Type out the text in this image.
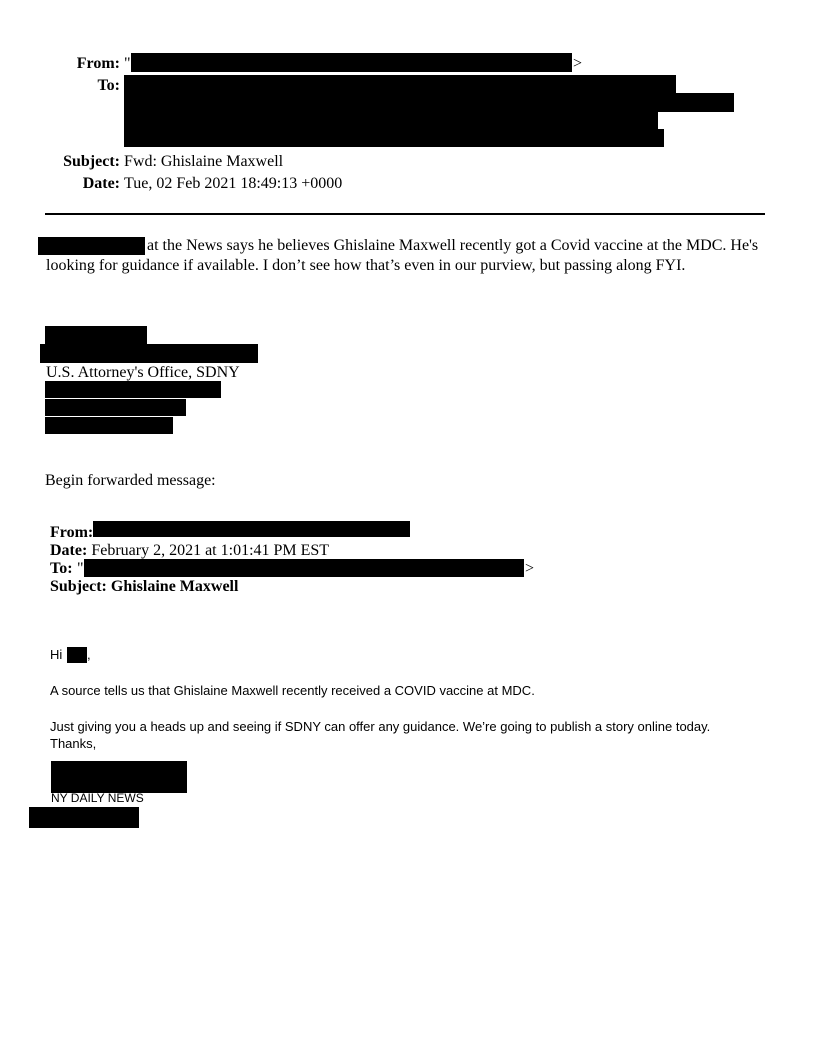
From: "	>
To:
Subject: Fwd: Ghislaine Maxwell
Date: Tue, 02 Feb 2021 18:49:13 +0000
at the News says he believes Ghislaine Maxwell recently got a Covid vaccine at the MDC. He's
looking for guidance if available. I don’t see how that’s even in our purview, but passing along FYI.
U.S. Attorney's Office, SDNY
Begin forwarded message:
From:
Date: February 2, 2021 at 1:01:41 PM EST
To: "	>
Subject: Ghislaine Maxwell
Hi ,
A source tells us that Ghislaine Maxwell recently received a COVID vaccine at MDC.
Just giving you a heads up and seeing if SDNY can offer any guidance. We’re going to publish a story online today.
Thanks,
NY DAILY NEWS
